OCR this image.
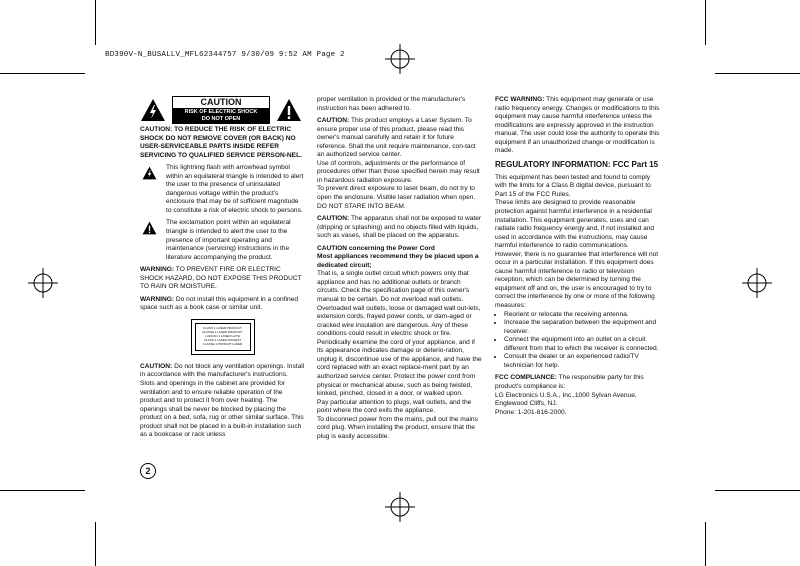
BD390V-N_BUSALLV_MFL62344757 9/30/09 9:52 AM Page 2
CAUTION
RISK OF ELECTRIC SHOCK
DO NOT OPEN

CAUTION: TO REDUCE THE RISK OF ELECTRIC SHOCK DO NOT REMOVE COVER (OR BACK) NO USER-SERVICEABLE PARTS INSIDE REFER SERVICING TO QUALIFIED SERVICE PERSON-NEL.

This lightning flash with arrowhead symbol within an equilateral triangle is intended to alert the user to the presence of uninsulated dangerous voltage within the product's enclosure that may be of sufficient magnitude to constitute a risk of electric shock to persons.
The exclamation point within an equilateral triangle is intended to alert the user to the presence of important operating and maintenance (servicing) instructions in the literature accompanying the product.

WARNING: TO PREVENT FIRE OR ELECTRIC SHOCK HAZARD, DO NOT EXPOSE THIS PRODUCT TO RAIN OR MOISTURE.

WARNING: Do not install this equipment in a confined space such as a book case or similar unit.

CLASS 1 LASER PRODUCT
KLASSE 1 LASER PRODUKT
LUOKAN 1 LASER LAITE
KLASS 1 LASER APPARAT
CLASSE 1 PRODUIT LASER

CAUTION: Do not block any ventilation openings. Install in accordance with the manufacturer's instructions.

Slots and openings in the cabinet are provided for ventilation and to ensure reliable operation of the product and to protect it from over heating. The openings shall be never be blocked by placing the product on a bed, sofa, rug or other similar surface. This product shall not be placed in a built-in installation such as a bookcase or rack unless

proper ventilation is provided or the manufacturer's instruction has been adhered to.

CAUTION: This product employs a Laser System. To ensure proper use of this product, please read this owner's manual carefully and retain it for future reference. Shall the unit require maintenance, con-tact an authorized service center.

Use of controls, adjustments or the performance of procedures other than those specified herein may result in hazardous radiation exposure.

To prevent direct exposure to laser beam, do not try to open the enclosure. Visible laser radiation when open. DO NOT STARE INTO BEAM.

CAUTION: The apparatus shall not be exposed to water (dripping or splashing) and no objects filled with liquids, such as vases, shall be placed on the apparatus.

CAUTION concerning the Power Cord
Most appliances recommend they be placed upon a dedicated circuit;

That is, a single outlet circuit which powers only that appliance and has no additional outlets or branch circuits. Check the specification page of this owner's manual to be certain. Do not overload wall outlets. Overloaded wall outlets, loose or damaged wall out-lets, extension cords, frayed power cords, or dam-aged or cracked wire insulation are dangerous. Any of these conditions could result in electric shock or fire. Periodically examine the cord of your appliance, and if its appearance indicates damage or deterio-ration, unplug it, discontinue use of the appliance, and have the cord replaced with an exact replace-ment part by an authorized service center. Protect the power cord from physical or mechanical abuse, such as being twisted, kinked, pinched, closed in a door, or walked upon.

Pay particular attention to plugs, wall outlets, and the point where the cord exits the appliance.

To disconnect power from the mains, pull out the mains cord plug. When installing the product, ensure that the plug is easily accessible.

FCC WARNING: This equipment may generate or use radio frequency energy. Changes or modifications to this equipment may cause harmful interference unless the modifications are expressly approved in the instruction manual. The user could lose the authority to operate this equipment if an unauthorized change or modification is made.

REGULATORY INFORMATION: FCC Part 15

This equipment has been tested and found to comply with the limits for a Class B digital device, pursuant to Part 15 of the FCC Rules.

These limits are designed to provide reasonable protection against harmful interference in a residential installation. This equipment generates, uses and can radiate radio frequency energy and, if not installed and used in accordance with the instructions, may cause harmful interference to radio communications.

However, there is no guarantee that interference will not occur in a particular installation. If this equipment does cause harmful interference to radio or television reception, which can be determined by turning the equipment off and on, the user is encouraged to try to correct the interference by one or more of the following measures:

• Reorient or relocate the receiving antenna.
• Increase the separation between the equipment and receiver.
• Connect the equipment into an outlet on a circuit different from that to which the receiver is connected.
• Consult the dealer or an experienced radio/TV technician for help.

FCC COMPLIANCE: The responsible party for this product's compliance is:

LG Electronics U.S.A., Inc.,1000 Sylvan Avenue,
Englewood Cliffs, NJ.
Phone: 1-201-816-2000.
2
